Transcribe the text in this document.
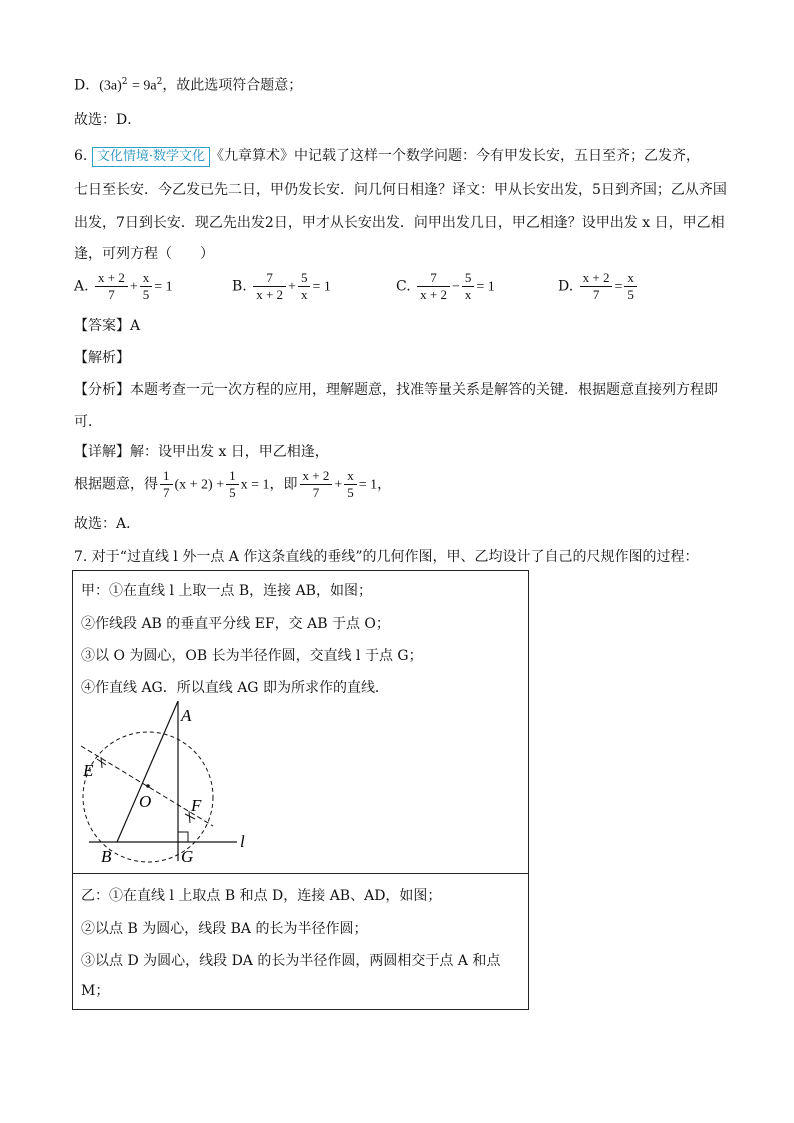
D．$(3a)^2 = 9a^2$，故此选项符合题意；
故选：D．
6. 文化情境·数学文化 《九章算术》中记载了这样一个数学问题：今有甲发长安，五日至齐；乙发齐，
七日至长安．今乙发已先二日，甲仍发长安．问几何日相逢？译文：甲从长安出发，5日到齐国；乙从齐国
出发，7日到长安．现乙先出发2日，甲才从长安出发．问甲出发几日，甲乙相逢？设甲出发 x 日，甲乙相
逢，可列方程（　　）
A. $\frac{x + 2}{7} + \frac{x}{5} = 1$	B. $\frac{7}{x + 2} + \frac{5}{x} = 1$	C. $\frac{7}{x + 2} - \frac{5}{x} = 1$	D. $\frac{x + 2}{7} = \frac{x}{5}$
【答案】A
【解析】
【分析】本题考查一元一次方程的应用，理解题意，找准等量关系是解答的关键．根据题意直接列方程即
可．
【详解】解：设甲出发 x 日，甲乙相逢，
根据题意，得 $\frac{1}{7} (x + 2) + \frac{1}{5}$ x = 1，即 $\frac{x + 2}{7} + \frac{x}{5} = 1$，
故选：A．
7. 对于“过直线 l 外一点 A 作这条直线的垂线”的几何作图，甲、乙均设计了自己的尺规作图的过程：
甲：①在直线 l 上取一点 B，连接 AB，如图；
②作线段 AB 的垂直平分线 EF，交 AB 于点 O；
③以 O 为圆心，OB 长为半径作圆，交直线 l 于点 G；
④作直线 AG．所以直线 AG 即为所求作的直线．
A
E
O F
B	G
l
乙：①在直线 l 上取点 B 和点 D，连接 AB、AD，如图；
②以点 B 为圆心，线段 BA 的长为半径作圆；
③以点 D 为圆心，线段 DA 的长为半径作圆，两圆相交于点 A 和点
M；
